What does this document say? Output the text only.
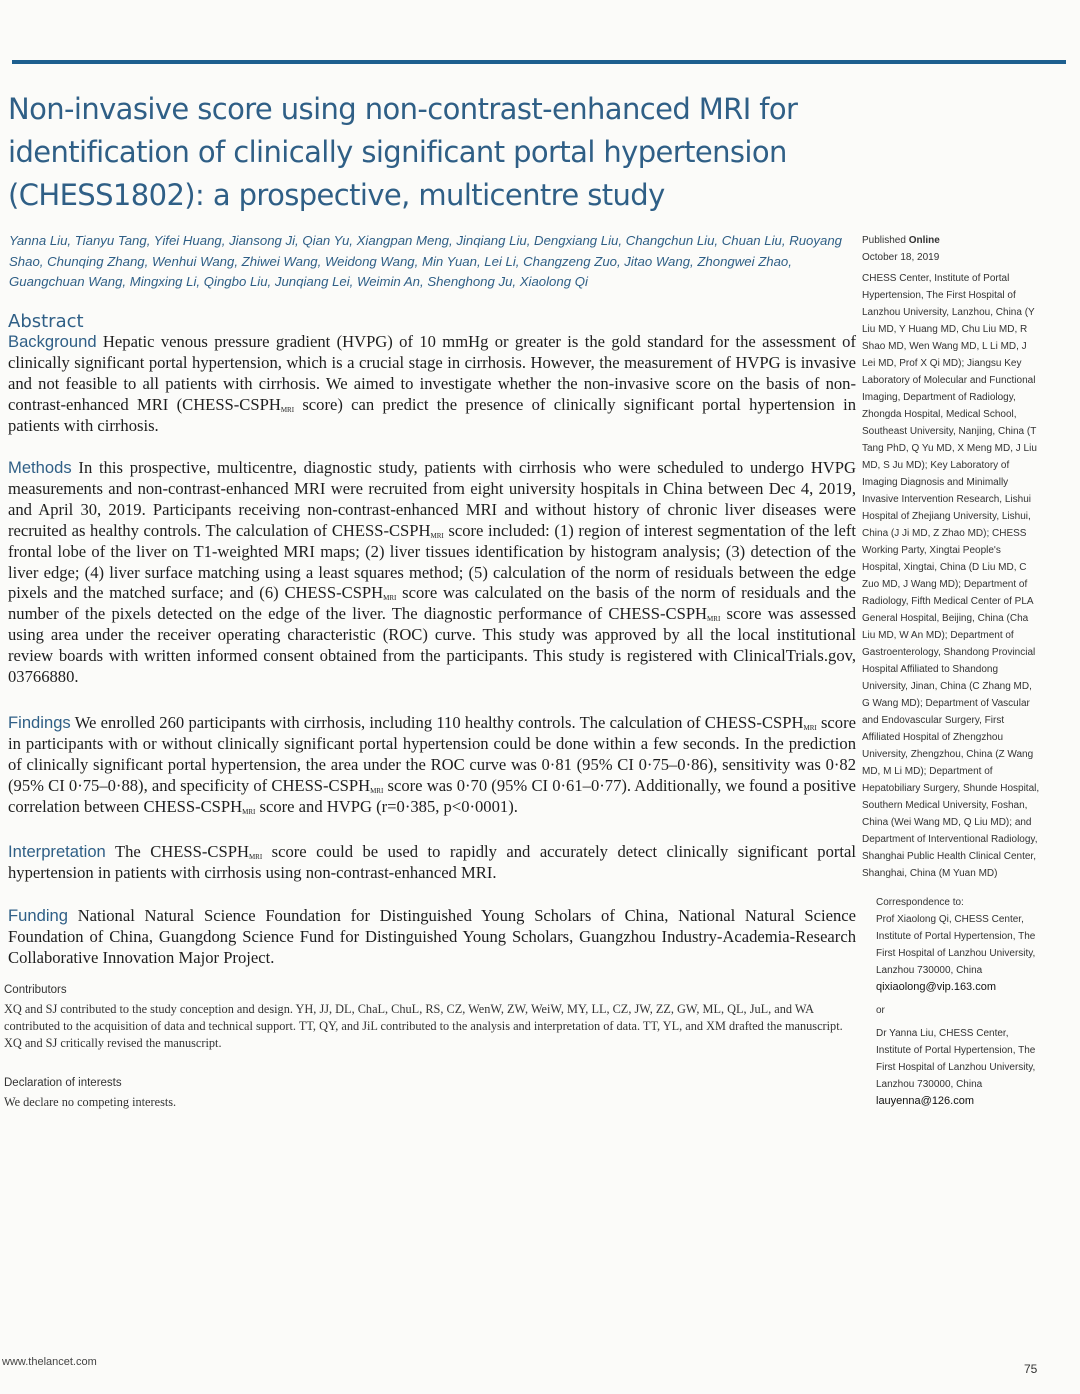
Non-invasive score using non-contrast-enhanced MRI for identification of clinically significant portal hypertension (CHESS1802): a prospective, multicentre study
Yanna Liu, Tianyu Tang, Yifei Huang, Jiansong Ji, Qian Yu, Xiangpan Meng, Jinqiang Liu, Dengxiang Liu, Changchun Liu, Chuan Liu, Ruoyang Shao, Chunqing Zhang, Wenhui Wang, Zhiwei Wang, Weidong Wang, Min Yuan, Lei Li, Changzeng Zuo, Jitao Wang, Zhongwei Zhao, Guangchuan Wang, Mingxing Li, Qingbo Liu, Junqiang Lei, Weimin An, Shenghong Ju, Xiaolong Qi
Abstract

Background Hepatic venous pressure gradient (HVPG) of 10 mmHg or greater is the gold standard for the assessment of clinically significant portal hypertension, which is a crucial stage in cirrhosis. However, the measurement of HVPG is invasive and not feasible to all patients with cirrhosis. We aimed to investigate whether the non-invasive score on the basis of non-contrast-enhanced MRI ($CHESS-CSPH_{MRI}$ score) can predict the presence of clinically significant portal hypertension in patients with cirrhosis.

Methods In this prospective, multicentre, diagnostic study, patients with cirrhosis who were scheduled to undergo HVPG measurements and non-contrast-enhanced MRI were recruited from eight university hospitals in China between Dec 4, 2019, and April 30, 2019. Participants receiving non-contrast-enhanced MRI and without history of chronic liver diseases were recruited as healthy controls. The calculation of CHESS-$CSPH_{MRI}$ score included: (1) region of interest segmentation of the left frontal lobe of the liver on T1-weighted MRI maps; (2) liver tissues identification by histogram analysis; (3) detection of the liver edge; (4) liver surface matching using a least squares method; (5) calculation of the norm of residuals between the edge pixels and the matched surface; and (6) CHESS-$CSPH_{MRI}$ score was calculated on the basis of the norm of residuals and the number of the pixels detected on the edge of the liver. The diagnostic performance of CHESS-$CSPH_{MRI}$ score was assessed using area under the receiver operating characteristic (ROC) curve. This study was approved by all the local institutional review boards with written informed consent obtained from the participants. This study is registered with ClinicalTrials.gov, 03766880.

Findings We enrolled 260 participants with cirrhosis, including 110 healthy controls. The calculation of CHESS-$CSPH_{MRI}$ score in participants with or without clinically significant portal hypertension could be done within a few seconds. In the prediction of clinically significant portal hypertension, the area under the ROC curve was 0·81 (95% CI 0·75–0·86), sensitivity was 0·82 (95% CI 0·75–0·88), and specificity of CHESS-$CSPH_{MRI}$ score was 0·70 (95% CI 0·61–0·77). Additionally, we found a positive correlation between CHESS-$CSPH_{MRI}$ score and HVPG (r=0·385, p<0·0001).

Interpretation The CHESS-$CSPH_{MRI}$ score could be used to rapidly and accurately detect clinically significant portal hypertension in patients with cirrhosis using non-contrast-enhanced MRI.

Funding National Natural Science Foundation for Distinguished Young Scholars of China, National Natural Science Foundation of China, Guangdong Science Fund for Distinguished Young Scholars, Guangzhou Industry-Academia-Research Collaborative Innovation Major Project.

Contributors

XQ and SJ contributed to the study conception and design. YH, JJ, DL, ChaL, ChuL, RS, CZ, WenW, ZW, WeiW, MY, LL, CZ, JW, ZZ, GW, ML, QL, JuL, and WA contributed to the acquisition of data and technical support. TT, QY, and JiL contributed to the analysis and interpretation of data. TT, YL, and XM drafted the manuscript. XQ and SJ critically revised the manuscript.

Declaration of interests

We declare no competing interests.

Published Online
October 18, 2019

CHESS Center, Institute of Portal Hypertension, The First Hospital of Lanzhou University, Lanzhou, China (Y Liu MD, Y Huang MD, Chu Liu MD, R Shao MD, Wen Wang MD, L Li MD, J Lei MD, Prof X Qi MD); Jiangsu Key Laboratory of Molecular and Functional Imaging, Department of Radiology, Zhongda Hospital, Medical School, Southeast University, Nanjing, China (T Tang PhD, Q Yu MD, X Meng MD, J Liu MD, S Ju MD); Key Laboratory of Imaging Diagnosis and Minimally Invasive Intervention Research, Lishui Hospital of Zhejiang University, Lishui, China (J Ji MD, Z Zhao MD); CHESS Working Party, Xingtai People's Hospital, Xingtai, China (D Liu MD, C Zuo MD, J Wang MD); Department of Radiology, Fifth Medical Center of PLA General Hospital, Beijing, China (Cha Liu MD, W An MD); Department of Gastroenterology, Shandong Provincial Hospital Affiliated to Shandong University, Jinan, China (C Zhang MD, G Wang MD); Department of Vascular and Endovascular Surgery, First Affiliated Hospital of Zhengzhou University, Zhengzhou, China (Z Wang MD, M Li MD); Department of Hepatobiliary Surgery, Shunde Hospital, Southern Medical University, Foshan, China (Wei Wang MD, Q Liu MD); and Department of Interventional Radiology, Shanghai Public Health Clinical Center, Shanghai, China (M Yuan MD)

Correspondence to:

Prof Xiaolong Qi, CHESS Center, Institute of Portal Hypertension, The First Hospital of Lanzhou University, Lanzhou 730000, China

qixiaolong@vip.163.com

or

Dr Yanna Liu, CHESS Center, Institute of Portal Hypertension, The First Hospital of Lanzhou University, Lanzhou 730000, China

lauyenna@126.com

www.thelancet.com	75
